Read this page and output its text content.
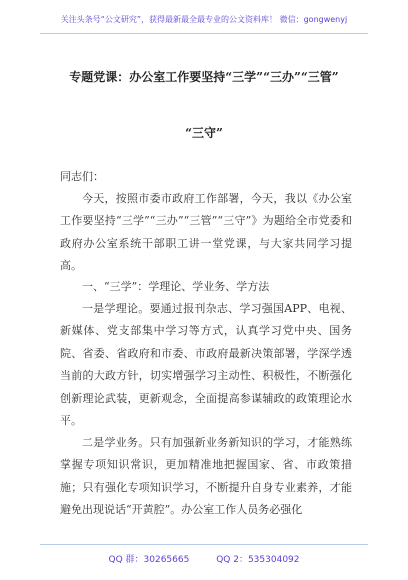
关注头条号“公文研究”，获得最新最全最专业的公文资料库！ 微信：gongwenyj
专题党课：办公室工作要坚持“三学”“三办”“三管”
“三守”

同志们：

今天，按照市委市政府工作部署，今天，我以《办公室工作要坚持“三学”“三办”“三管”“三守”》为题给全市党委和政府办公室系统干部职工讲一堂党课，与大家共同学习提高。

一、“三学”：学理论、学业务、学方法

一是学理论。要通过报刊杂志、学习强国APP、电视、新媒体、党支部集中学习等方式，认真学习党中央、国务院、省委、省政府和市委、市政府最新决策部署，学深学透当前的大政方针，切实增强学习主动性、积极性，不断强化创新理论武装，更新观念，全面提高参谋辅政的政策理论水平。

二是学业务。只有加强新业务新知识的学习，才能熟练掌握专项知识常识，更加精准地把握国家、省、市政策措施；只有强化专项知识学习，不断提升自身专业素养，才能避免出现说话“开黄腔”。办公室工作人员务必强化

QQ 群：30265665	QQ 2：535304092
